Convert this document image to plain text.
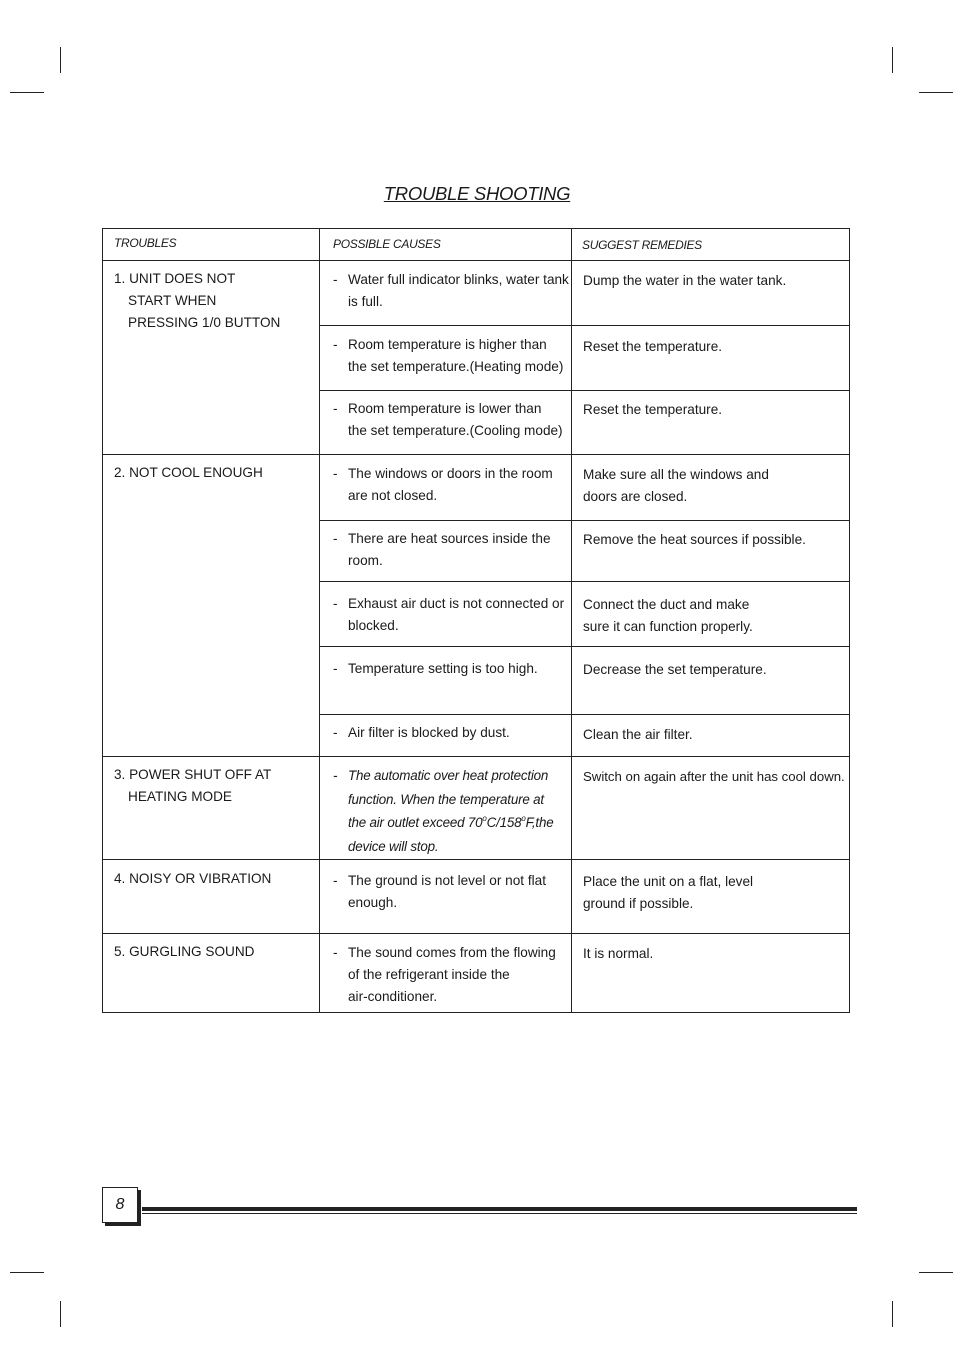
TROUBLE SHOOTING
TROUBLES	POSSIBLE CAUSES	SUGGEST REMEDIES
1. UNIT DOES NOT
START WHEN
PRESSING 1/0 BUTTON
2. NOT COOL ENOUGH
3. POWER SHUT OFF AT
HEATING MODE
4. NOISY OR VIBRATION
5. GURGLING SOUND
- Water full indicator blinks, water tank
is full.
- Room temperature is higher than
the set temperature.(Heating mode)
- Room temperature is lower than
the set temperature.(Cooling mode)
- The windows or doors in the room
are not closed.
- There are heat sources inside the
room.
- Exhaust air duct is not connected or
blocked.
- Temperature setting is too high.
- Air filter is blocked by dust.
- The automatic over heat protection
function. When the temperature at
the air outlet exceed 70$^o$C/158$^o$F,the
device will stop.
- The ground is not level or not flat
enough.
- The sound comes from the flowing
of the refrigerant inside the
air-conditioner.
Dump the water in the water tank.
Reset the temperature.
Reset the temperature.
Make sure all the windows and
doors are closed.
Remove the heat sources if possible.
Connect the duct and make
sure it can function properly.
Decrease the set temperature.
Clean the air filter.
Switch on again after the unit has cool down.
Place the unit on a flat, level
ground if possible.
It is normal.
8
